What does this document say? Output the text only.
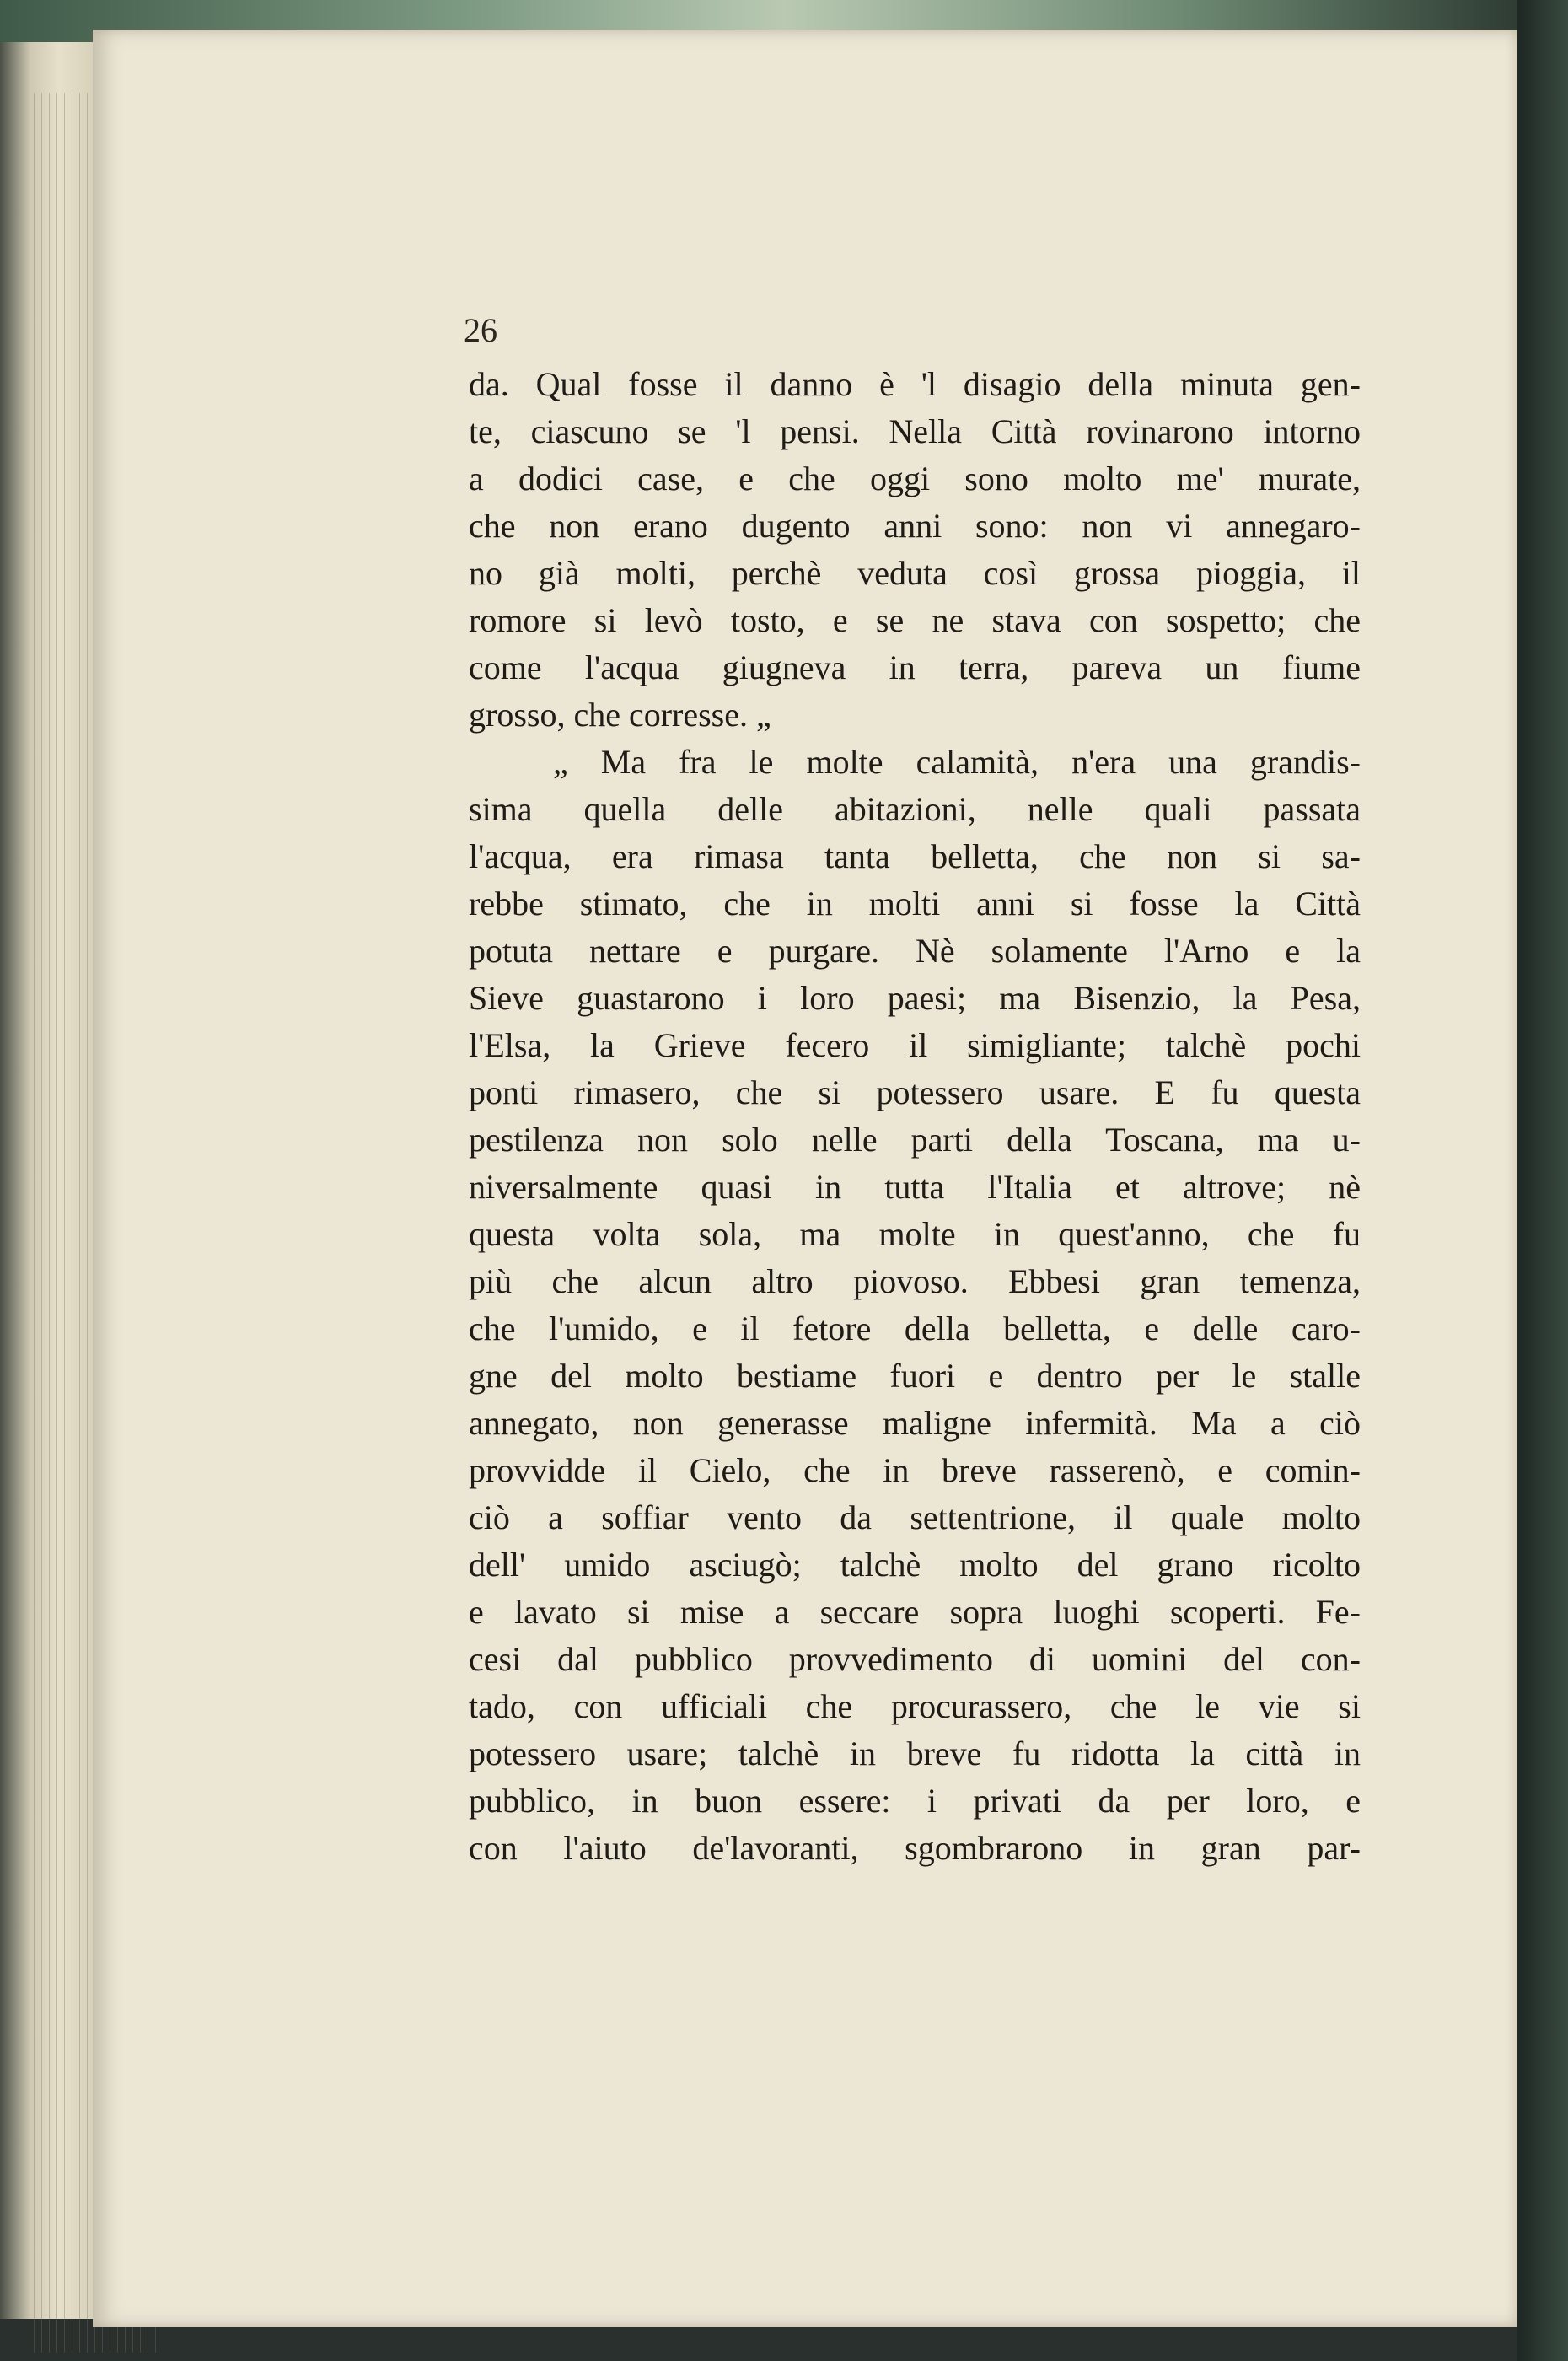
26

da. Qual fosse il danno è 'l disagio della minuta gen-
te, ciascuno se 'l pensi. Nella Città rovinarono intorno
a dodici case, e che oggi sono molto me' murate,
che non erano dugento anni sono: non vi annegaro-
no già molti, perchè veduta così grossa pioggia, il
romore si levò tosto, e se ne stava con sospetto; che
come l'acqua giugneva in terra, pareva un fiume
grosso, che corresse. „
„ Ma fra le molte calamità, n'era una grandis-
sima quella delle abitazioni, nelle quali passata
l'acqua, era rimasa tanta belletta, che non si sa-
rebbe stimato, che in molti anni si fosse la Città
potuta nettare e purgare. Nè solamente l'Arno e la
Sieve guastarono i loro paesi; ma Bisenzio, la Pesa,
l'Elsa, la Grieve fecero il simigliante; talchè pochi
ponti rimasero, che si potessero usare. E fu questa
pestilenza non solo nelle parti della Toscana, ma u-
niversalmente quasi in tutta l'Italia et altrove; nè
questa volta sola, ma molte in quest'anno, che fu
più che alcun altro piovoso. Ebbesi gran temenza,
che l'umido, e il fetore della belletta, e delle caro-
gne del molto bestiame fuori e dentro per le stalle
annegato, non generasse maligne infermità. Ma a ciò
provvidde il Cielo, che in breve rasserenò, e comin-
ciò a soffiar vento da settentrione, il quale molto
dell' umido asciugò; talchè molto del grano ricolto
e lavato si mise a seccare sopra luoghi scoperti. Fe-
cesi dal pubblico provvedimento di uomini del con-
tado, con ufficiali che procurassero, che le vie si
potessero usare; talchè in breve fu ridotta la città in
pubblico, in buon essere: i privati da per loro, e
con l'aiuto de'lavoranti, sgombrarono in gran par-
